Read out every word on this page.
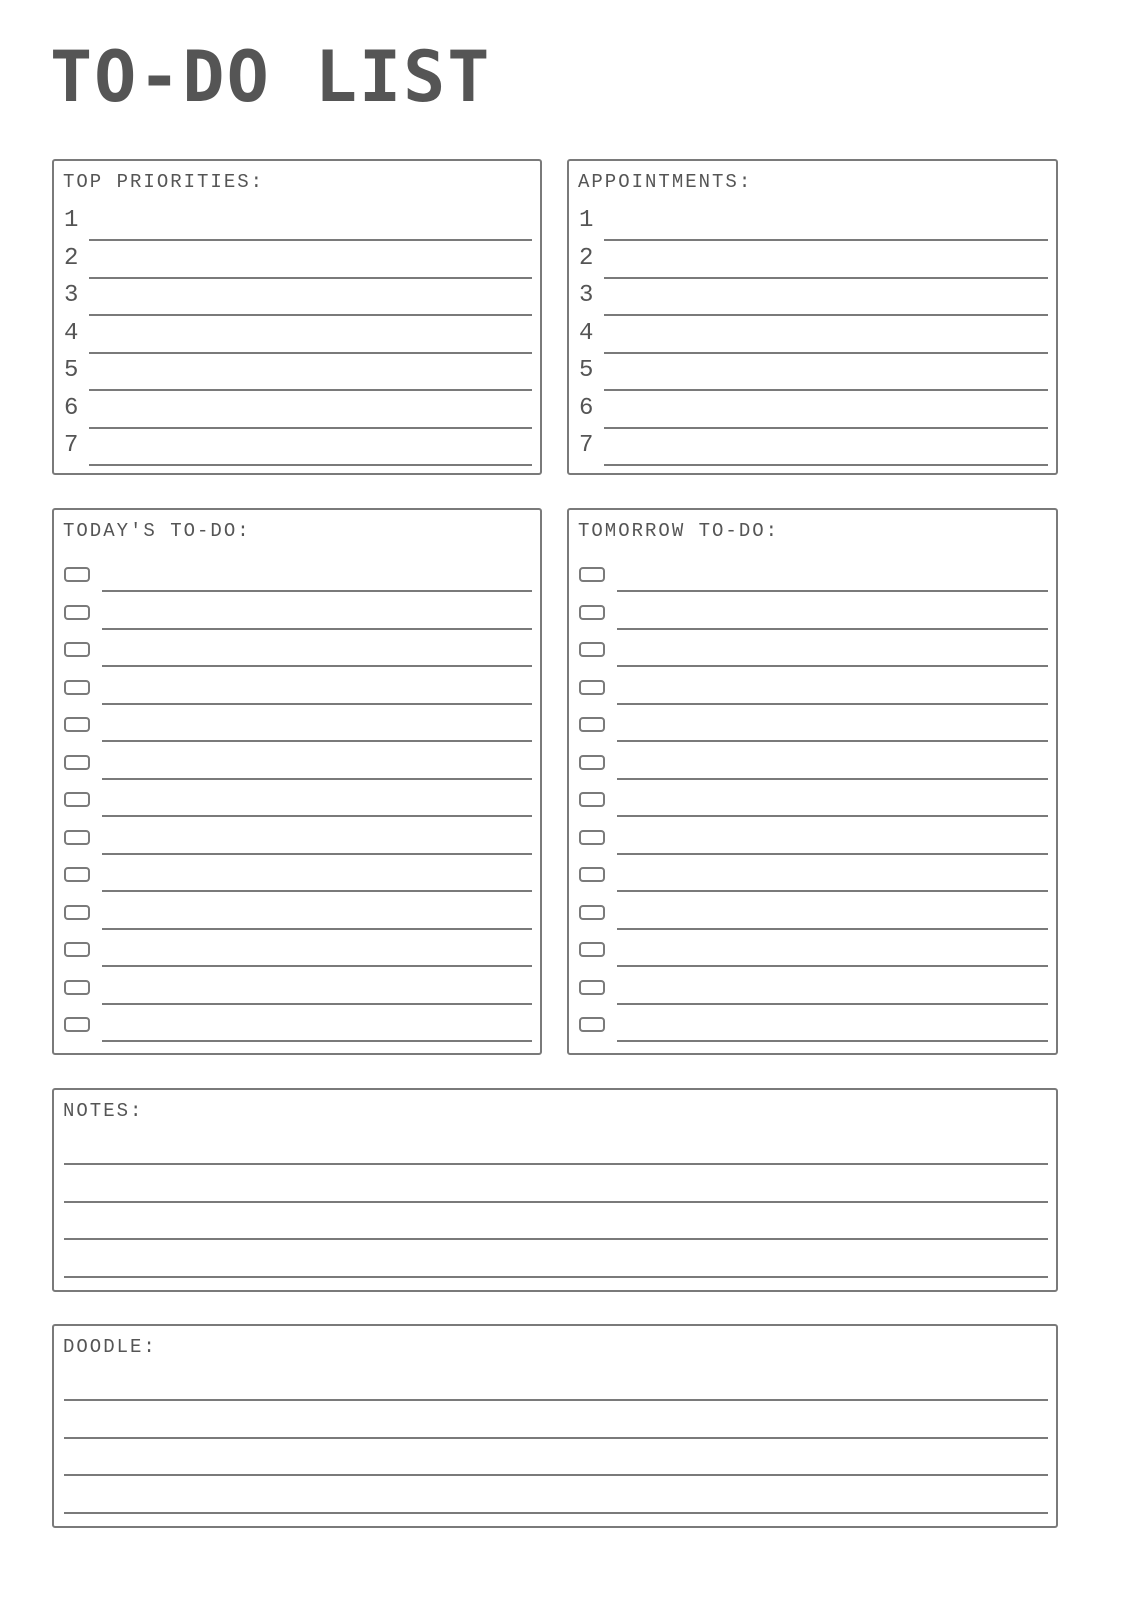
TO-DO LIST
TOP PRIORITIES:
1
2
3
4
5
6
7
APPOINTMENTS:
1
2
3
4
5
6
7
TODAY'S TO-DO:	TOMORROW TO-DO:
NOTES:
DOODLE:
